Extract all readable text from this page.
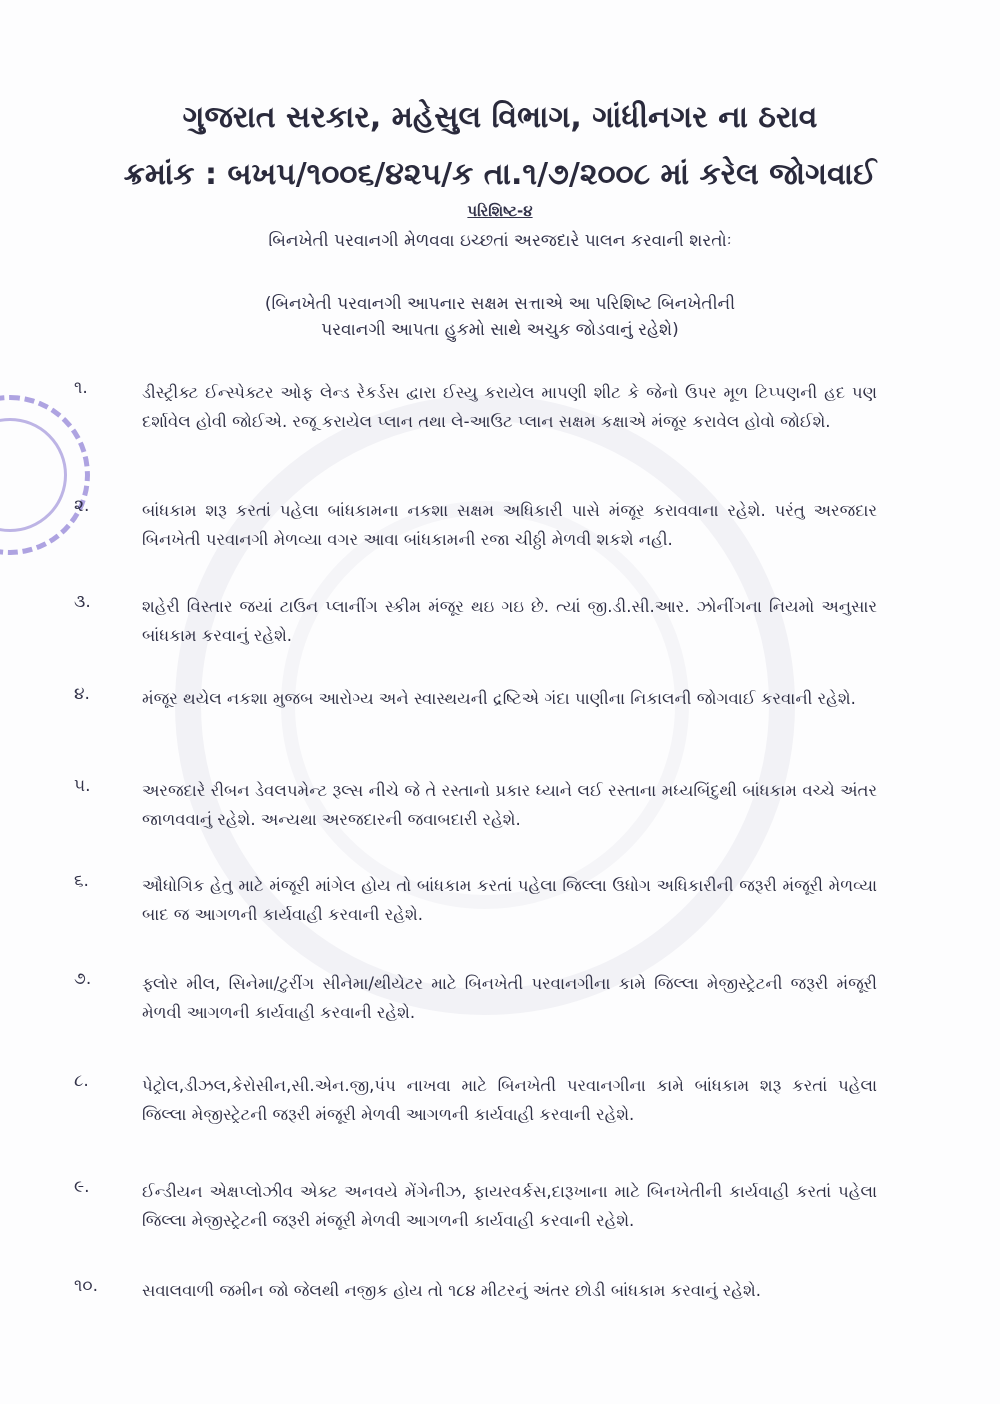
ગુજરાત સરકાર, મહેસુલ વિભાગ, ગાંધીનગર ના ઠરાવ
ક્રમાંક : બખપ/૧૦૦૬/૪૨૫/ક તા.૧/૭/૨૦૦૮ માં કરેલ જોગવાઈ
પરિશિષ્ટ-૪
બિનખેતી પરવાનગી મેળવવા ઇચ્છતાં અરજદારે પાલન કરવાની શરતોઃ
(બિનખેતી પરવાનગી આપનાર સક્ષમ સત્તાએ આ પરિશિષ્ટ બિનખેતીની
પરવાનગી આપતા હુકમો સાથે અચુક જોડવાનું રહેશે)
૧.	ડીસ્ટ્રીક્ટ ઈન્સ્પેક્ટર ઓફ લેન્ડ રેકર્ડસ દ્વારા ઈસ્યુ કરાયેલ માપણી શીટ કે જેનો ઉપર મૂળ ટિપ્પણની હદ પણ દર્શાવેલ હોવી જોઈએ. રજૂ કરાયેલ પ્લાન તથા લે-આઉટ પ્લાન સક્ષમ કક્ષાએ મંજૂર કરાવેલ હોવો જોઈશે.
૨.	બાંધકામ શરૂ કરતાં પહેલા બાંધકામના નકશા સક્ષમ અધિકારી પાસે મંજૂર કરાવવાના રહેશે. પરંતુ અરજદાર બિનખેતી પરવાનગી મેળવ્યા વગર આવા બાંધકામની રજા ચીઠ્ઠી મેળવી શકશે નહી.
૩.	શહેરી વિસ્તાર જયાં ટાઉન પ્લાનીંગ સ્કીમ મંજૂર થઇ ગઇ છે. ત્યાં જી.ડી.સી.આર. ઝોનીંગના નિયમો અનુસાર બાંધકામ કરવાનું રહેશે.
૪.	મંજૂર થયેલ નકશા મુજબ આરોગ્ય અને સ્વાસ્થયની દ્રષ્ટિએ ગંદા પાણીના નિકાલની જોગવાઈ કરવાની રહેશે.
૫.	અરજદારે રીબન ડેવલપમેન્ટ રૂલ્સ નીચે જે તે રસ્તાનો પ્રકાર ધ્યાને લઈ રસ્તાના મધ્યબિંદુથી બાંધકામ વચ્ચે અંતર જાળવવાનું રહેશે. અન્યથા અરજદારની જવાબદારી રહેશે.
૬.	ઔધોગિક હેતુ માટે મંજૂરી માંગેલ હોય તો બાંધકામ કરતાં પહેલા જિલ્લા ઉધોગ અધિકારીની જરૂરી મંજૂરી મેળવ્યા બાદ જ આગળની કાર્યવાહી કરવાની રહેશે.
૭.	ફ્લોર મીલ, સિનેમા/ટુરીંગ સીનેમા/થીયેટર માટે બિનખેતી પરવાનગીના કામે જિલ્લા મેજીસ્ટ્રેટની જરૂરી મંજૂરી મેળવી આગળની કાર્યવાહી કરવાની રહેશે.
૮.	પેટ્રોલ,ડીઝલ,કેરોસીન,સી.એન.જી,પંપ નાખવા માટે બિનખેતી પરવાનગીના કામે બાંધકામ શરૂ કરતાં પહેલા જિલ્લા મેજીસ્ટ્રેટની જરૂરી મંજૂરી મેળવી આગળની કાર્યવાહી કરવાની રહેશે.
૯.	ઈન્ડીયન એક્ષપ્લોઝીવ એક્ટ અનવયે મેંગેનીઝ, ફાયરવર્કસ,દારૂખાના માટે બિનખેતીની કાર્યવાહી કરતાં પહેલા જિલ્લા મેજીસ્ટ્રેટની જરૂરી મંજૂરી મેળવી આગળની કાર્યવાહી કરવાની રહેશે.
૧૦.	સવાલવાળી જમીન જો જેલથી નજીક હોય તો ૧૮૪ મીટરનું અંતર છોડી બાંધકામ કરવાનું રહેશે.
